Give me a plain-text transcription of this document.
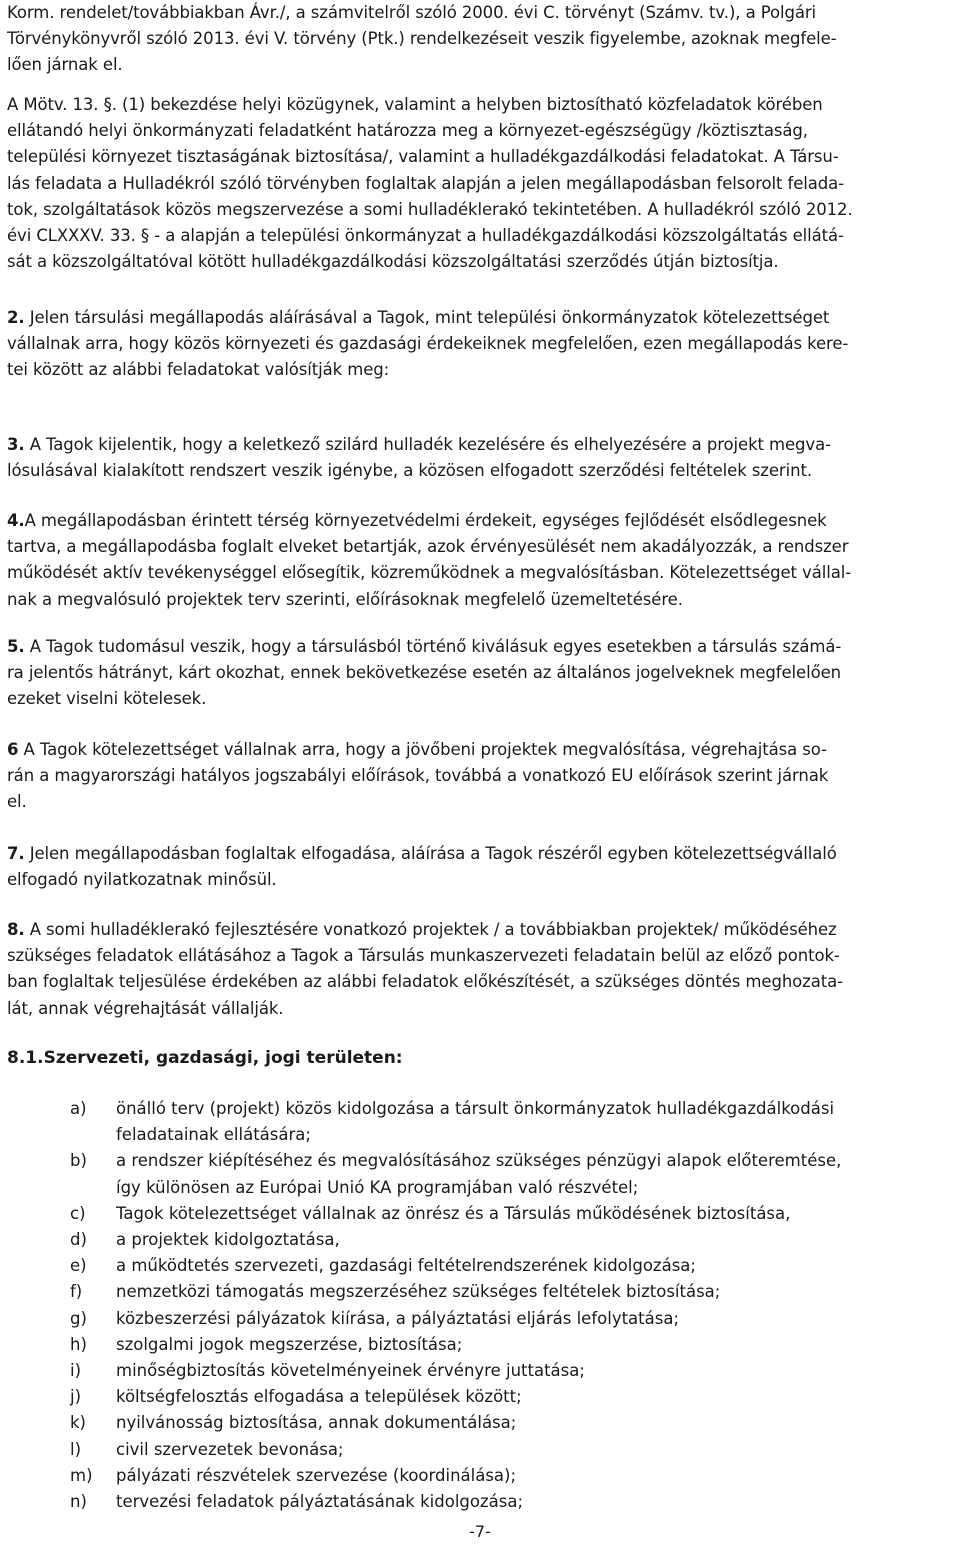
Korm. rendelet/továbbiakban Ávr./, a számvitelről szóló 2000. évi C. törvényt (Számv. tv.), a Polgári
Törvénykönyvről szóló 2013. évi V. törvény (Ptk.) rendelkezéseit veszik figyelembe, azoknak megfele-
lően járnak el.

A Mötv. 13. §. (1) bekezdése helyi közügynek, valamint a helyben biztosítható közfeladatok körében
ellátandó helyi önkormányzati feladatként határozza meg a környezet-egészségügy /köztisztaság,
települési környezet tisztaságának biztosítása/, valamint a hulladékgazdálkodási feladatokat. A Társu-
lás feladata a Hulladékról szóló törvényben foglaltak alapján a jelen megállapodásban felsorolt felada-
tok, szolgáltatások közös megszervezése a somi hulladéklerakó tekintetében. A hulladékról szóló 2012.
évi CLXXXV. 33. § - a alapján a települési önkormányzat a hulladékgazdálkodási közszolgáltatás ellátá-
sát a közszolgáltatóval kötött hulladékgazdálkodási közszolgáltatási szerződés útján biztosítja.

2. Jelen társulási megállapodás aláírásával a Tagok, mint települési önkormányzatok kötelezettséget
vállalnak arra, hogy közös környezeti és gazdasági érdekeiknek megfelelően, ezen megállapodás kere-
tei között az alábbi feladatokat valósítják meg:

3. A Tagok kijelentik, hogy a keletkező szilárd hulladék kezelésére és elhelyezésére a projekt megva-
lósulásával kialakított rendszert veszik igénybe, a közösen elfogadott szerződési feltételek szerint.

4.A megállapodásban érintett térség környezetvédelmi érdekeit, egységes fejlődését elsődlegesnek
tartva, a megállapodásba foglalt elveket betartják, azok érvényesülését nem akadályozzák, a rendszer
működését aktív tevékenységgel elősegítik, közreműködnek a megvalósításban. Kötelezettséget vállal-
nak a megvalósuló projektek terv szerinti, előírásoknak megfelelő üzemeltetésére.

5. A Tagok tudomásul veszik, hogy a társulásból történő kiválásuk egyes esetekben a társulás számá-
ra jelentős hátrányt, kárt okozhat, ennek bekövetkezése esetén az általános jogelveknek megfelelően
ezeket viselni kötelesek.

6 A Tagok kötelezettséget vállalnak arra, hogy a jövőbeni projektek megvalósítása, végrehajtása so-
rán a magyarországi hatályos jogszabályi előírások, továbbá a vonatkozó EU előírások szerint járnak
el.

7. Jelen megállapodásban foglaltak elfogadása, aláírása a Tagok részéről egyben kötelezettségvállaló
elfogadó nyilatkozatnak minősül.

8. A somi hulladéklerakó fejlesztésére vonatkozó projektek / a továbbiakban projektek/ működéséhez
szükséges feladatok ellátásához a Tagok a Társulás munkaszervezeti feladatain belül az előző pontok-
ban foglaltak teljesülése érdekében az alábbi feladatok előkészítését, a szükséges döntés meghozata-
lát, annak végrehajtását vállalják.

8.1.Szervezeti, gazdasági, jogi területen:

a)	önálló terv (projekt) közös kidolgozása a társult önkormányzatok hulladékgazdálkodási
feladatainak ellátására;
b)	a rendszer kiépítéséhez és megvalósításához szükséges pénzügyi alapok előteremtése,
így különösen az Európai Unió KA programjában való részvétel;
c)	Tagok kötelezettséget vállalnak az önrész és a Társulás működésének biztosítása,
d)	a projektek kidolgoztatása,
e)	a működtetés szervezeti, gazdasági feltételrendszerének kidolgozása;
f)	nemzetközi támogatás megszerzéséhez szükséges feltételek biztosítása;
g)	közbeszerzési pályázatok kiírása, a pályáztatási eljárás lefolytatása;
h)	szolgalmi jogok megszerzése, biztosítása;
i)	minőségbiztosítás követelményeinek érvényre juttatása;
j)	költségfelosztás elfogadása a települések között;
k)	nyilvánosság biztosítása, annak dokumentálása;
l)	civil szervezetek bevonása;
m)	pályázati részvételek szervezése (koordinálása);
n)	tervezési feladatok pályáztatásának kidolgozása;
-7-
